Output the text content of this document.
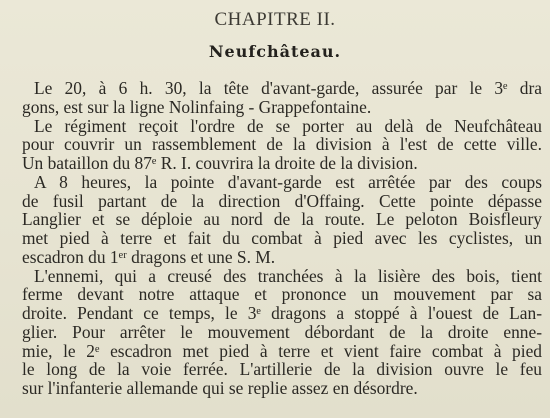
CHAPITRE II.
Neufchâteau.
Le 20, à 6 h. 30, la tête d'avant-garde, assurée par le 3ᵉ dra
gons, est sur la ligne Nolinfaing - Grappefontaine.
Le régiment reçoit l'ordre de se porter au delà de Neufchâteau
pour couvrir un rassemblement de la division à l'est de cette ville.
Un bataillon du 87ᵉ R. I. couvrira la droite de la division.
A 8 heures, la pointe d'avant-garde est arrêtée par des coups
de fusil partant de la direction d'Offaing. Cette pointe dépasse
Langlier et se déploie au nord de la route. Le peloton Boisfleury
met pied à terre et fait du combat à pied avec les cyclistes, un
escadron du 1ᵉʳ dragons et une S. M.
L'ennemi, qui a creusé des tranchées à la lisière des bois, tient
ferme devant notre attaque et prononce un mouvement par sa
droite. Pendant ce temps, le 3ᵉ dragons a stoppé à l'ouest de Lan-
glier. Pour arrêter le mouvement débordant de la droite enne-
mie, le 2ᵉ escadron met pied à terre et vient faire combat à pied
le long de la voie ferrée. L'artillerie de la division ouvre le feu
sur l'infanterie allemande qui se replie assez en désordre.
